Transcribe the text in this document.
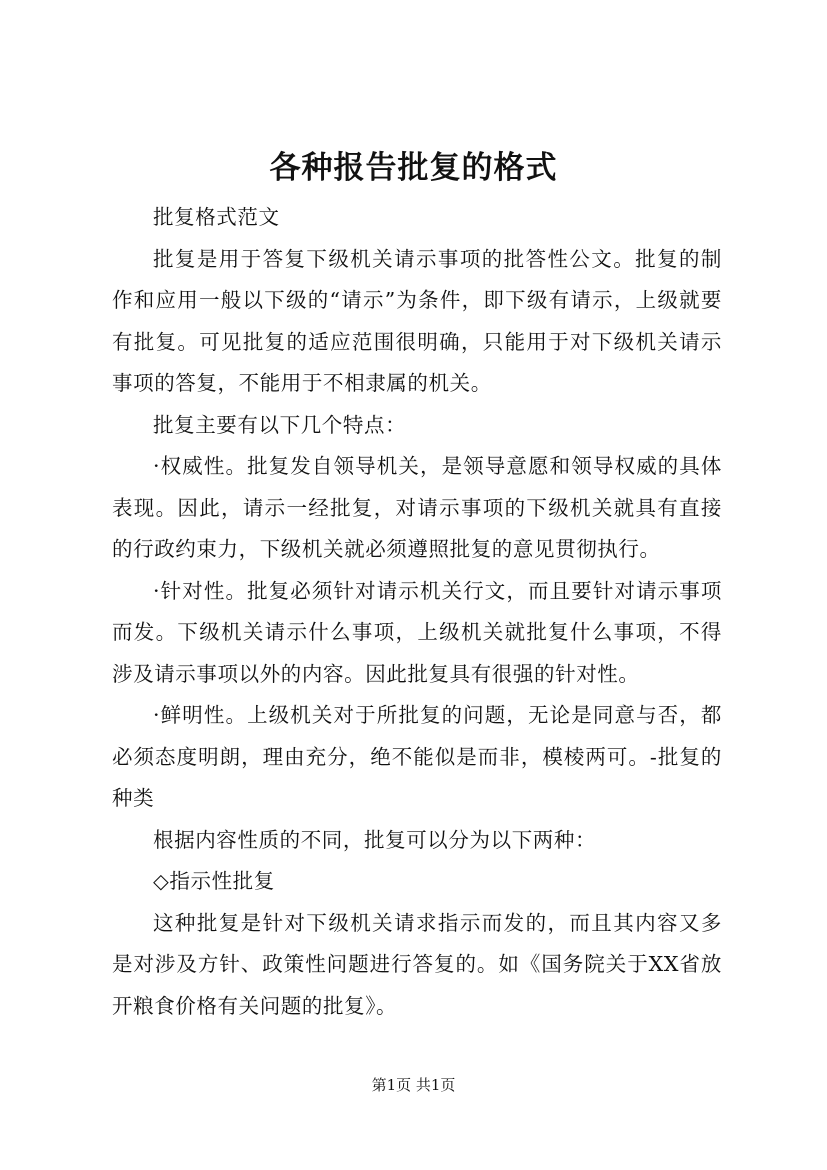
各种报告批复的格式

批复格式范文

批复是用于答复下级机关请示事项的批答性公文。批复的制作和应用一般以下级的“请示”为条件，即下级有请示，上级就要有批复。可见批复的适应范围很明确，只能用于对下级机关请示事项的答复，不能用于不相隶属的机关。

批复主要有以下几个特点：

·权威性。批复发自领导机关，是领导意愿和领导权威的具体表现。因此，请示一经批复，对请示事项的下级机关就具有直接的行政约束力，下级机关就必须遵照批复的意见贯彻执行。

·针对性。批复必须针对请示机关行文，而且要针对请示事项而发。下级机关请示什么事项，上级机关就批复什么事项，不得涉及请示事项以外的内容。因此批复具有很强的针对性。

·鲜明性。上级机关对于所批复的问题，无论是同意与否，都必须态度明朗，理由充分，绝不能似是而非，模棱两可。-批复的种类

根据内容性质的不同，批复可以分为以下两种：

◇指示性批复

这种批复是针对下级机关请求指示而发的，而且其内容又多是对涉及方针、政策性问题进行答复的。如《国务院关于XX省放开粮食价格有关问题的批复》。

第1页 共1页
